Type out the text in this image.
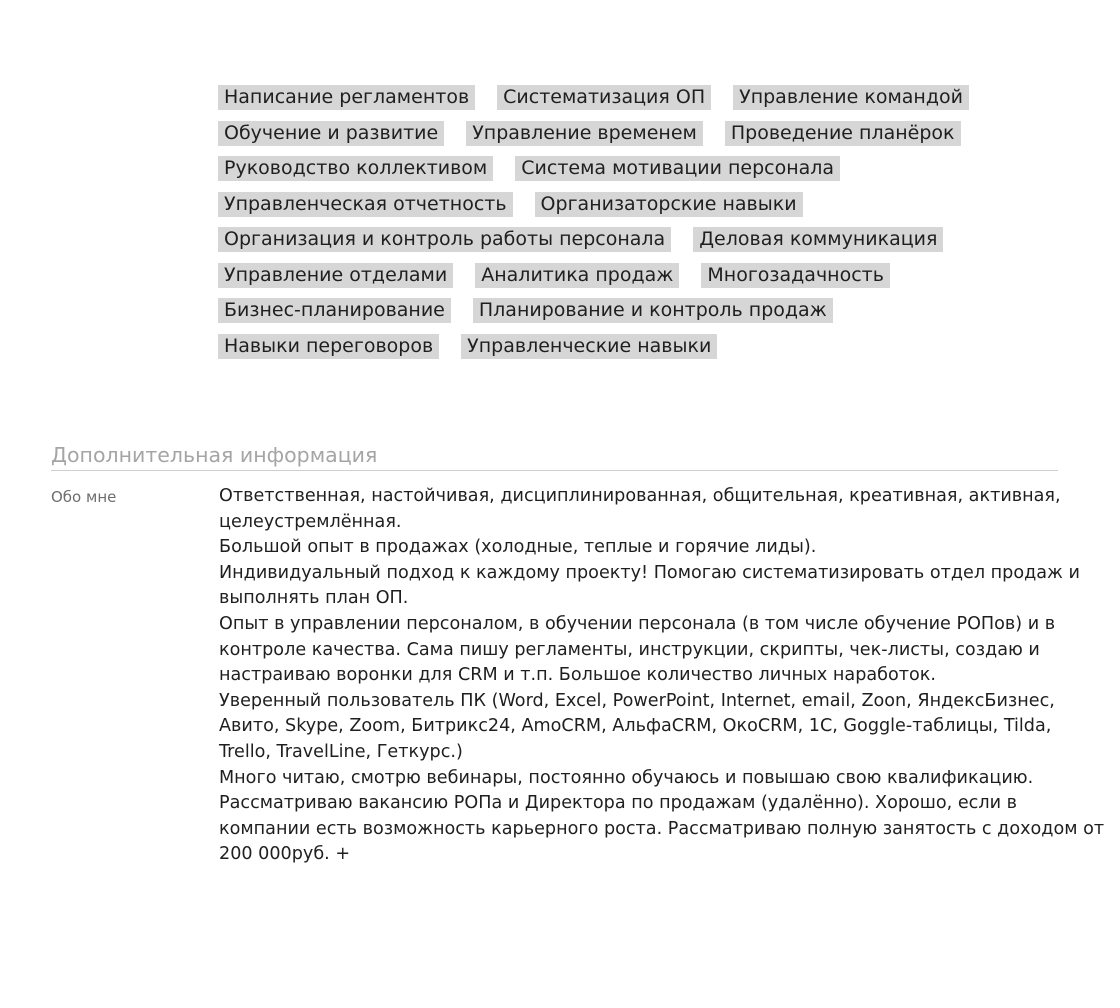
Написание регламентов Систематизация ОП Управление командой
Обучение и развитие Управление временем Проведение планёрок
Руководство коллективом Система мотивации персонала
Управленческая отчетность Организаторские навыки
Организация и контроль работы персонала Деловая коммуникация
Управление отделами Аналитика продаж Многозадачность
Бизнес-планирование Планирование и контроль продаж
Навыки переговоров Управленческие навыки
Дополнительная информация
Обо мне	Ответственная, настойчивая, дисциплинированная, общительная, креативная, активная,
целеустремлённая.
Большой опыт в продажах (холодные, теплые и горячие лиды).
Индивидуальный подход к каждому проекту! Помогаю систематизировать отдел продаж и
выполнять план ОП.
Опыт в управлении персоналом, в обучении персонала (в том числе обучение РОПов) и в
контроле качества. Сама пишу регламенты, инструкции, скрипты, чек-листы, создаю и
настраиваю воронки для CRM и т.п. Большое количество личных наработок.
Уверенный пользователь ПК (Word, Excel, PowerPoint, Internet, email, Zoon, ЯндексБизнес,
Авито, Skype, Zoom, Битрикс24, AmoCRM, АльфаCRM, ОкоCRM, 1С, Goggle-таблицы, Tilda,
Trello, TravelLine, Геткурс.)
Много читаю, смотрю вебинары, постоянно обучаюсь и повышаю свою квалификацию.
Рассматриваю вакансию РОПа и Директора по продажам (удалённо). Хорошо, если в
компании есть возможность карьерного роста. Рассматриваю полную занятость с доходом от
200 000руб. +
